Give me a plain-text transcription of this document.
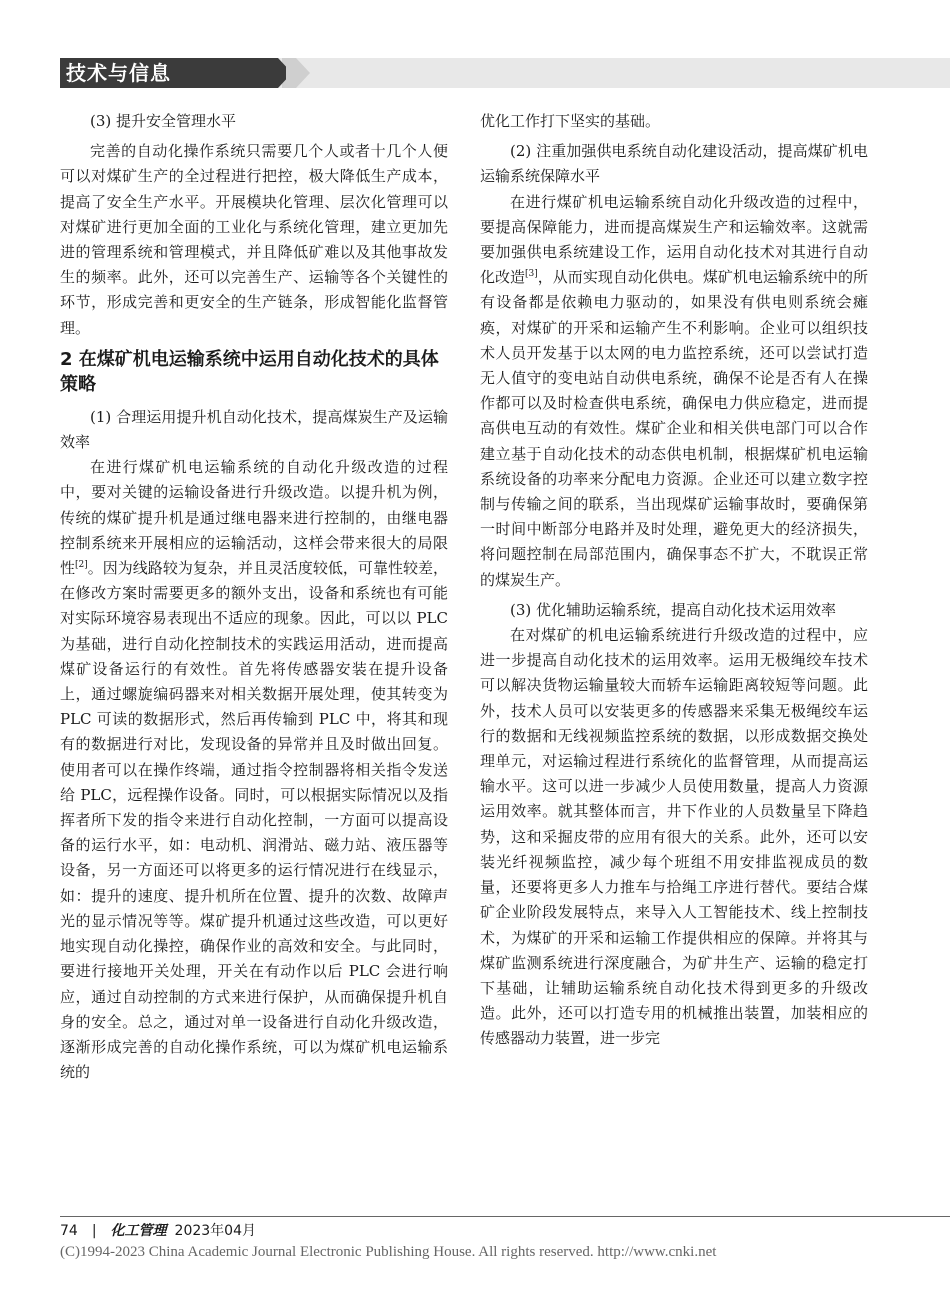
技术与信息

(3) 提升安全管理水平

完善的自动化操作系统只需要几个人或者十几个人便可以对煤矿生产的全过程进行把控，极大降低生产成本，提高了安全生产水平。开展模块化管理、层次化管理可以对煤矿进行更加全面的工业化与系统化管理，建立更加先进的管理系统和管理模式，并且降低矿难以及其他事故发生的频率。此外，还可以完善生产、运输等各个关键性的环节，形成完善和更安全的生产链条，形成智能化监督管理。

2 在煤矿机电运输系统中运用自动化技术的具体策略

(1) 合理运用提升机自动化技术，提高煤炭生产及运输效率

在进行煤矿机电运输系统的自动化升级改造的过程中，要对关键的运输设备进行升级改造。以提升机为例，传统的煤矿提升机是通过继电器来进行控制的，由继电器控制系统来开展相应的运输活动，这样会带来很大的局限性[2]。因为线路较为复杂，并且灵活度较低，可靠性较差，在修改方案时需要更多的额外支出，设备和系统也有可能对实际环境容易表现出不适应的现象。因此，可以以 PLC 为基础，进行自动化控制技术的实践运用活动，进而提高煤矿设备运行的有效性。首先将传感器安装在提升设备上，通过螺旋编码器来对相关数据开展处理，使其转变为 PLC 可读的数据形式，然后再传输到 PLC 中，将其和现有的数据进行对比，发现设备的异常并且及时做出回复。使用者可以在操作终端，通过指令控制器将相关指令发送给 PLC，远程操作设备。同时，可以根据实际情况以及指挥者所下发的指令来进行自动化控制，一方面可以提高设备的运行水平，如：电动机、润滑站、磁力站、液压器等设备，另一方面还可以将更多的运行情况进行在线显示，如：提升的速度、提升机所在位置、提升的次数、故障声光的显示情况等等。煤矿提升机通过这些改造，可以更好地实现自动化操控，确保作业的高效和安全。与此同时，要进行接地开关处理，开关在有动作以后 PLC 会进行响应，通过自动控制的方式来进行保护，从而确保提升机自身的安全。总之，通过对单一设备进行自动化升级改造，逐渐形成完善的自动化操作系统，可以为煤矿机电运输系统的

优化工作打下坚实的基础。

(2) 注重加强供电系统自动化建设活动，提高煤矿机电运输系统保障水平

在进行煤矿机电运输系统自动化升级改造的过程中，要提高保障能力，进而提高煤炭生产和运输效率。这就需要加强供电系统建设工作，运用自动化技术对其进行自动化改造[3]，从而实现自动化供电。煤矿机电运输系统中的所有设备都是依赖电力驱动的，如果没有供电则系统会瘫痪，对煤矿的开采和运输产生不利影响。企业可以组织技术人员开发基于以太网的电力监控系统，还可以尝试打造无人值守的变电站自动供电系统，确保不论是否有人在操作都可以及时检查供电系统，确保电力供应稳定，进而提高供电互动的有效性。煤矿企业和相关供电部门可以合作建立基于自动化技术的动态供电机制，根据煤矿机电运输系统设备的功率来分配电力资源。企业还可以建立数字控制与传输之间的联系，当出现煤矿运输事故时，要确保第一时间中断部分电路并及时处理，避免更大的经济损失，将问题控制在局部范围内，确保事态不扩大，不耽误正常的煤炭生产。

(3) 优化辅助运输系统，提高自动化技术运用效率

在对煤矿的机电运输系统进行升级改造的过程中，应进一步提高自动化技术的运用效率。运用无极绳绞车技术可以解决货物运输量较大而轿车运输距离较短等问题。此外，技术人员可以安装更多的传感器来采集无极绳绞车运行的数据和无线视频监控系统的数据，以形成数据交换处理单元，对运输过程进行系统化的监督管理，从而提高运输水平。这可以进一步减少人员使用数量，提高人力资源运用效率。就其整体而言，井下作业的人员数量呈下降趋势，这和采掘皮带的应用有很大的关系。此外，还可以安装光纤视频监控，减少每个班组不用安排监视成员的数量，还要将更多人力推车与拾绳工序进行替代。要结合煤矿企业阶段发展特点，来导入人工智能技术、线上控制技术，为煤矿的开采和运输工作提供相应的保障。并将其与煤矿监测系统进行深度融合，为矿井生产、运输的稳定打下基础，让辅助运输系统自动化技术得到更多的升级改造。此外，还可以打造专用的机械推出装置，加装相应的传感器动力装置，进一步完

74 | 化工管理 2023年04月
(C)1994-2023 China Academic Journal Electronic Publishing House. All rights reserved. http://www.cnki.net
